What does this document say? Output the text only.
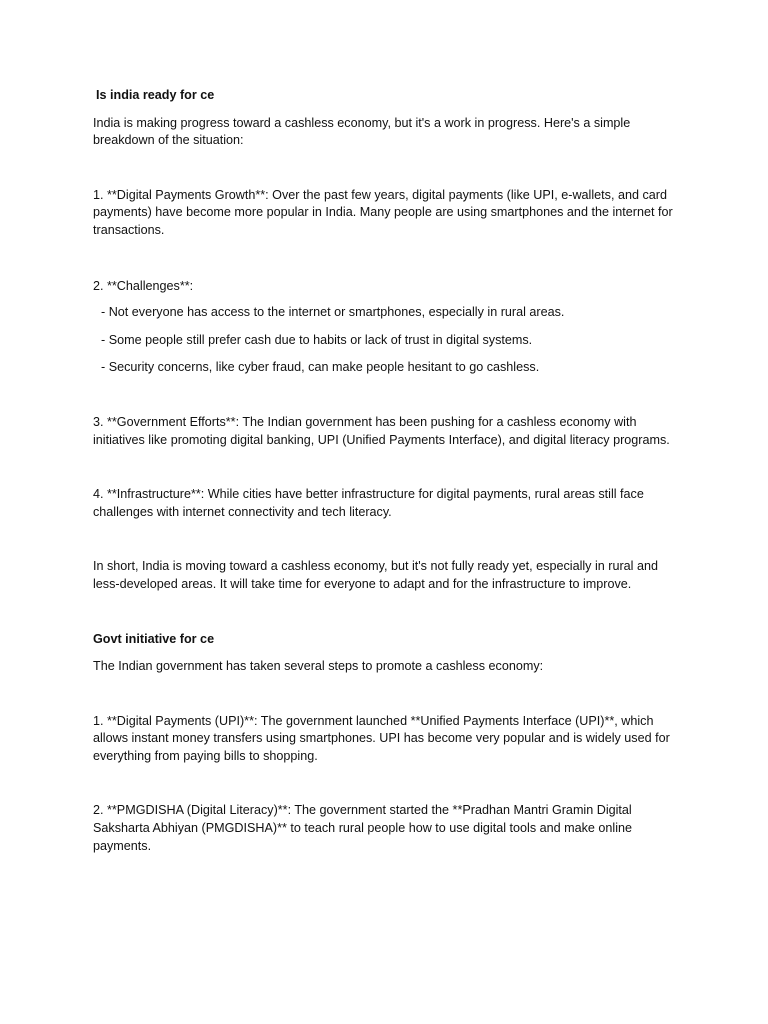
Is india ready for ce

India is making progress toward a cashless economy, but it's a work in progress. Here's a simple breakdown of the situation:

1. **Digital Payments Growth**: Over the past few years, digital payments (like UPI, e-wallets, and card payments) have become more popular in India. Many people are using smartphones and the internet for transactions.

2. **Challenges**:

- Not everyone has access to the internet or smartphones, especially in rural areas.

- Some people still prefer cash due to habits or lack of trust in digital systems.

- Security concerns, like cyber fraud, can make people hesitant to go cashless.

3. **Government Efforts**: The Indian government has been pushing for a cashless economy with initiatives like promoting digital banking, UPI (Unified Payments Interface), and digital literacy programs.

4. **Infrastructure**: While cities have better infrastructure for digital payments, rural areas still face challenges with internet connectivity and tech literacy.

In short, India is moving toward a cashless economy, but it's not fully ready yet, especially in rural and less-developed areas. It will take time for everyone to adapt and for the infrastructure to improve.

Govt initiative for ce

The Indian government has taken several steps to promote a cashless economy:

1. **Digital Payments (UPI)**: The government launched **Unified Payments Interface (UPI)**, which allows instant money transfers using smartphones. UPI has become very popular and is widely used for everything from paying bills to shopping.

2. **PMGDISHA (Digital Literacy)**: The government started the **Pradhan Mantri Gramin Digital Saksharta Abhiyan (PMGDISHA)** to teach rural people how to use digital tools and make online payments.
